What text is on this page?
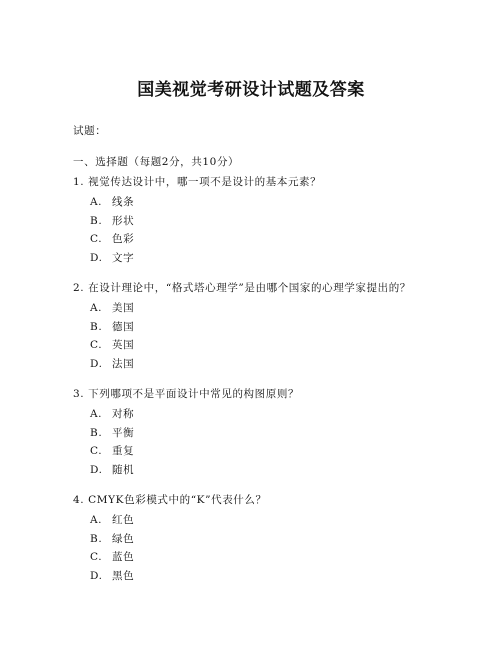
国美视觉考研设计试题及答案
试题：
一、选择题（每题2分，共10分）
1. 视觉传达设计中，哪一项不是设计的基本元素？
A. 线条
B. 形状
C. 色彩
D. 文字
2. 在设计理论中，“格式塔心理学”是由哪个国家的心理学家提出的？
A. 美国
B. 德国
C. 英国
D. 法国
3. 下列哪项不是平面设计中常见的构图原则？
A. 对称
B. 平衡
C. 重复
D. 随机
4. CMYK色彩模式中的“K”代表什么？
A. 红色
B. 绿色
C. 蓝色
D. 黑色
